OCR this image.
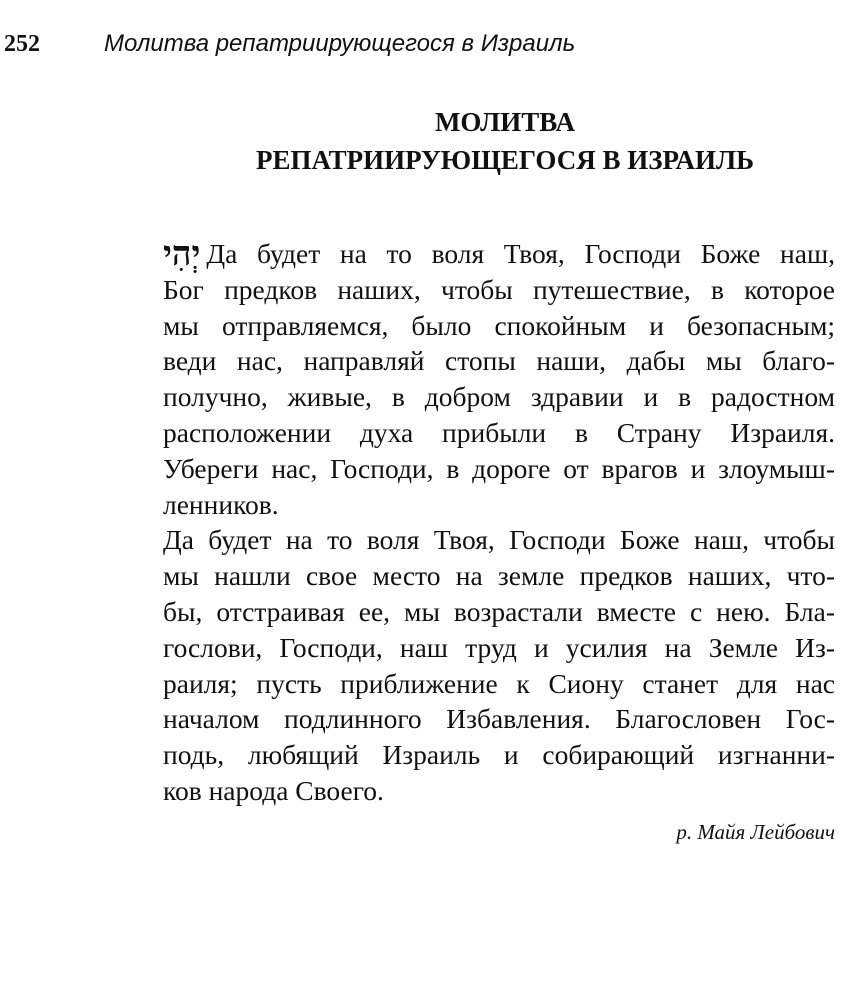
252	Молитва репатриирующегося в Израиль
МОЛИТВА
РЕПАТРИИРУЮЩЕГОСЯ В ИЗРАИЛЬ
יְהִי Да будет на то воля Твоя, Господи Боже наш,
Бог предков наших, чтобы путешествие, в которое
мы отправляемся, было спокойным и безопасным;
веди нас, направляй стопы наши, дабы мы благо-
получно, живые, в добром здравии и в радостном
расположении духа прибыли в Страну Израиля.
Убереги нас, Господи, в дороге от врагов и злоумыш-
ленников.
Да будет на то воля Твоя, Господи Боже наш, чтобы
мы нашли свое место на земле предков наших, что-
бы, отстраивая ее, мы возрастали вместе с нею. Бла-
гослови, Господи, наш труд и усилия на Земле Из-
раиля; пусть приближение к Сиону станет для нас
началом подлинного Избавления. Благословен Гос-
подь, любящий Израиль и собирающий изгнанни-
ков народа Своего.
р. Майя Лейбович
